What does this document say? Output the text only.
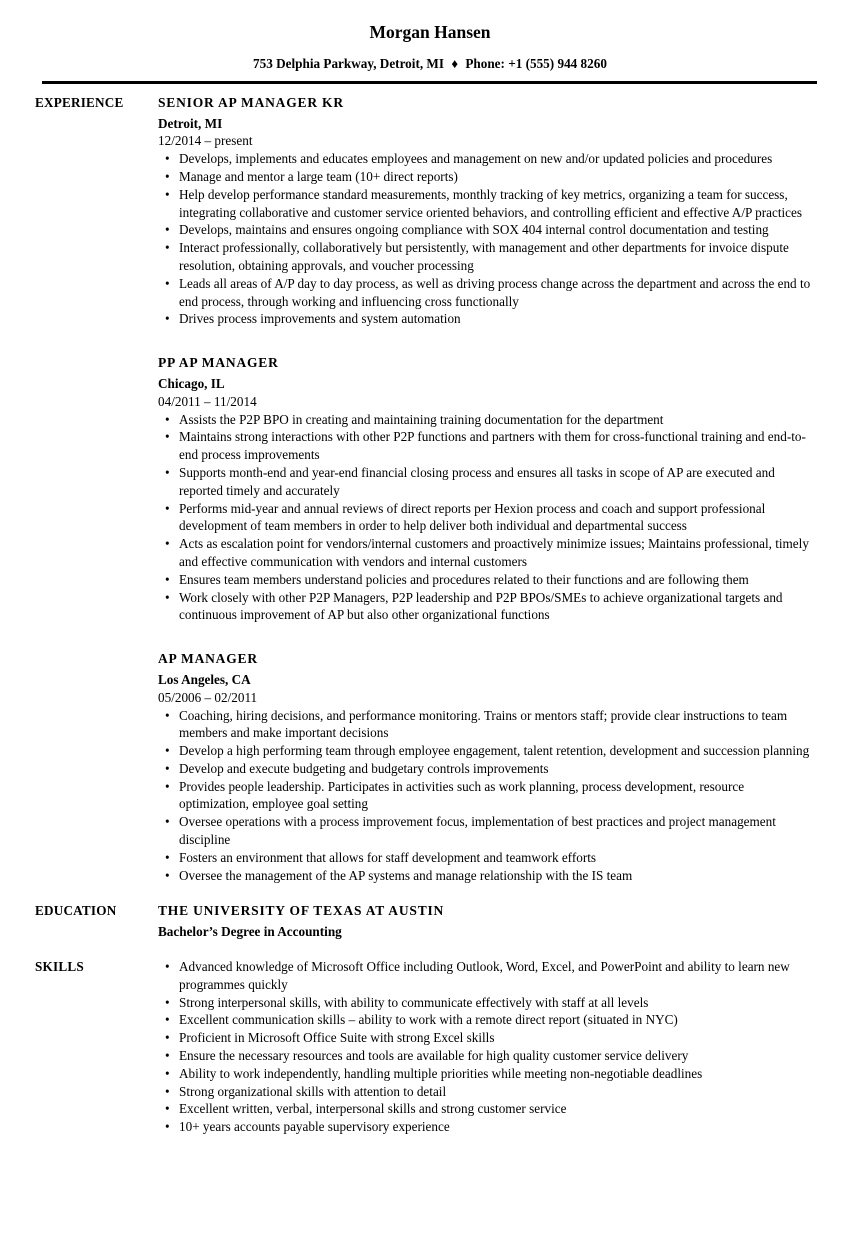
Morgan Hansen
753 Delphia Parkway, Detroit, MI ♦ Phone: +1 (555) 944 8260
EXPERIENCE	SENIOR AP MANAGER KR
Detroit, MI
12/2014 – present
• Develops, implements and educates employees and management on new and/or updated policies and procedures
• Manage and mentor a large team (10+ direct reports)
• Help develop performance standard measurements, monthly tracking of key metrics, organizing a team for success, integrating collaborative and customer service oriented behaviors, and controlling efficient and effective A/P practices
• Develops, maintains and ensures ongoing compliance with SOX 404 internal control documentation and testing
• Interact professionally, collaboratively but persistently, with management and other departments for invoice dispute resolution, obtaining approvals, and voucher processing
• Leads all areas of A/P day to day process, as well as driving process change across the department and across the end to end process, through working and influencing cross functionally
• Drives process improvements and system automation
PP AP MANAGER
Chicago, IL
04/2011 – 11/2014
• Assists the P2P BPO in creating and maintaining training documentation for the department
• Maintains strong interactions with other P2P functions and partners with them for cross-functional training and end-to-end process improvements
• Supports month-end and year-end financial closing process and ensures all tasks in scope of AP are executed and reported timely and accurately
• Performs mid-year and annual reviews of direct reports per Hexion process and coach and support professional development of team members in order to help deliver both individual and departmental success
• Acts as escalation point for vendors/internal customers and proactively minimize issues; Maintains professional, timely and effective communication with vendors and internal customers
• Ensures team members understand policies and procedures related to their functions and are following them
• Work closely with other P2P Managers, P2P leadership and P2P BPOs/SMEs to achieve organizational targets and continuous improvement of AP but also other organizational functions
AP MANAGER
Los Angeles, CA
05/2006 – 02/2011
• Coaching, hiring decisions, and performance monitoring. Trains or mentors staff; provide clear instructions to team members and make important decisions
• Develop a high performing team through employee engagement, talent retention, development and succession planning
• Develop and execute budgeting and budgetary controls improvements
• Provides people leadership. Participates in activities such as work planning, process development, resource optimization, employee goal setting
• Oversee operations with a process improvement focus, implementation of best practices and project management discipline
• Fosters an environment that allows for staff development and teamwork efforts
• Oversee the management of the AP systems and manage relationship with the IS team
EDUCATION	THE UNIVERSITY OF TEXAS AT AUSTIN
Bachelor’s Degree in Accounting
SKILLS	• Advanced knowledge of Microsoft Office including Outlook, Word, Excel, and PowerPoint and ability to learn new programmes quickly
• Strong interpersonal skills, with ability to communicate effectively with staff at all levels
• Excellent communication skills – ability to work with a remote direct report (situated in NYC)
• Proficient in Microsoft Office Suite with strong Excel skills
• Ensure the necessary resources and tools are available for high quality customer service delivery
• Ability to work independently, handling multiple priorities while meeting non-negotiable deadlines
• Strong organizational skills with attention to detail
• Excellent written, verbal, interpersonal skills and strong customer service
• 10+ years accounts payable supervisory experience
